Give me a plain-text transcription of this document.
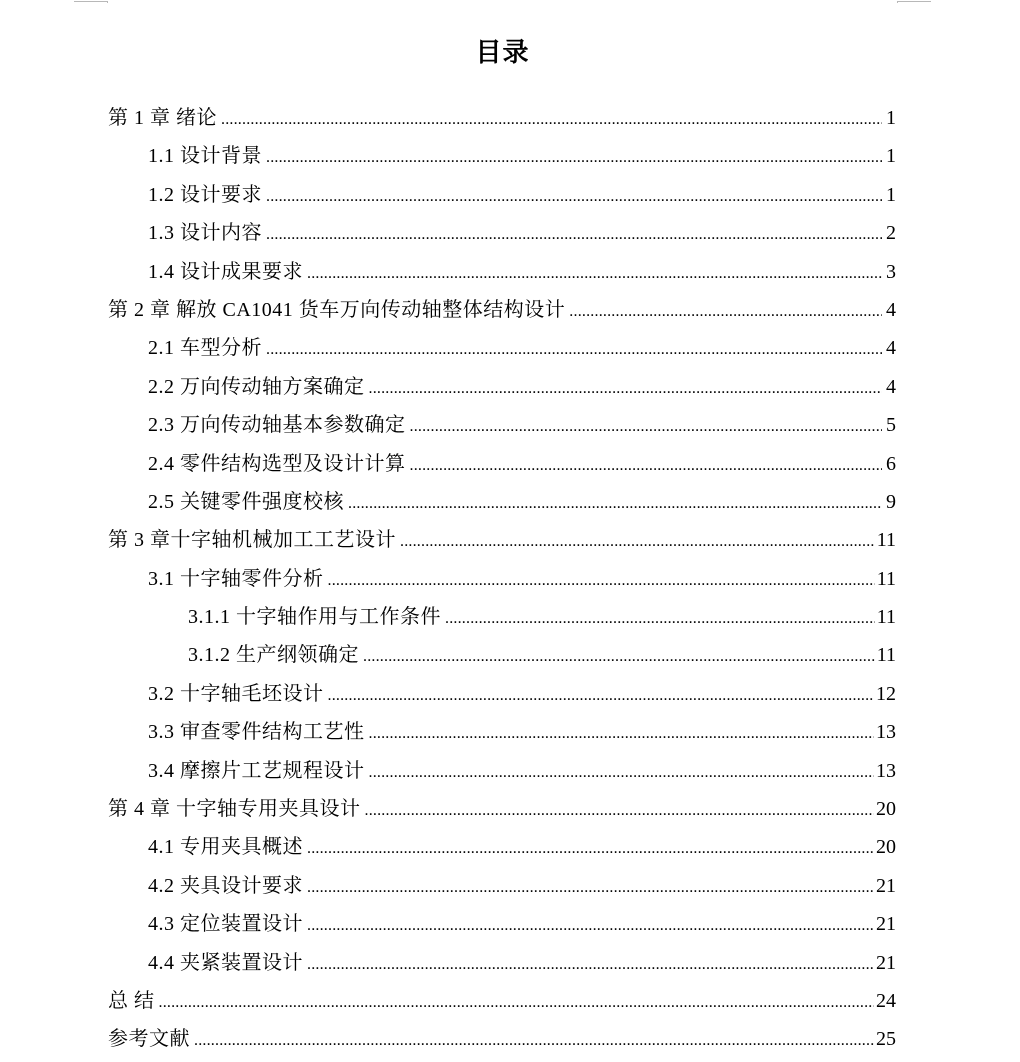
目录
第 1 章 绪论 .....	1
1.1 设计背景 .....	1
1.2 设计要求 .....	1
1.3 设计内容 .....	2
1.4 设计成果要求 .....	3
第 2 章 解放 CA1041 货车万向传动轴整体结构设计 .....	4
2.1 车型分析 .....	4
2.2 万向传动轴方案确定 .....	4
2.3 万向传动轴基本参数确定 .....	5
2.4 零件结构选型及设计计算 .....	6
2.5 关键零件强度校核 .....	9
第 3 章十字轴机械加工工艺设计 .....	11
3.1 十字轴零件分析 .....	11
3.1.1 十字轴作用与工作条件 .....	11
3.1.2 生产纲领确定 .....	11
3.2 十字轴毛坯设计 .....	12
3.3 审查零件结构工艺性 .....	13
3.4 摩擦片工艺规程设计 .....	13
第 4 章 十字轴专用夹具设计 .....	20
4.1 专用夹具概述 .....	20
4.2 夹具设计要求 .....	21
4.3 定位装置设计 .....	21
4.4 夹紧装置设计 .....	21
总 结 .....	24
参考文献 .....	25
